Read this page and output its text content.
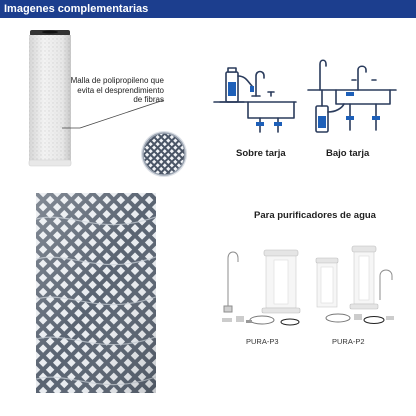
Imagenes complementarias
Malla de polipropileno que
evita el desprendimiento
de fibras
Sobre tarja	Bajo tarja
Para purificadores de agua
PURA-P3	PURA-P2
